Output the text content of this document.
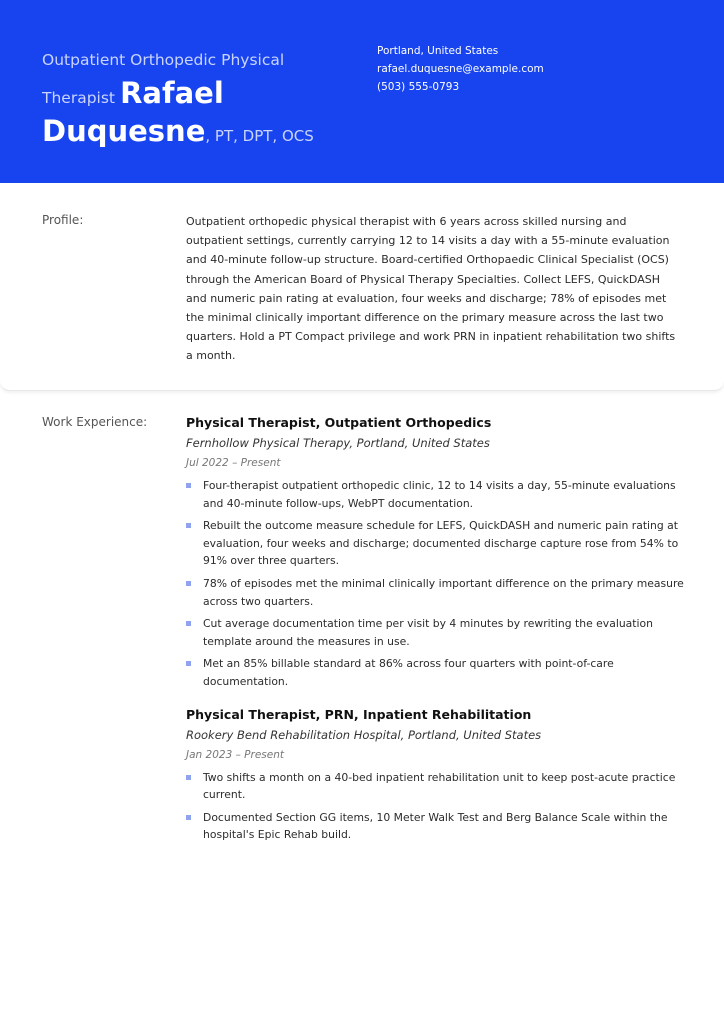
Outpatient Orthopedic Physical Therapist Rafael Duquesne, PT, DPT, OCS
Portland, United States
rafael.duquesne@example.com
(503) 555-0793
Profile:	Outpatient orthopedic physical therapist with 6 years across skilled nursing and outpatient settings, currently carrying 12 to 14 visits a day with a 55-minute evaluation and 40-minute follow-up structure. Board-certified Orthopaedic Clinical Specialist (OCS) through the American Board of Physical Therapy Specialties. Collect LEFS, QuickDASH and numeric pain rating at evaluation, four weeks and discharge; 78% of episodes met the minimal clinically important difference on the primary measure across the last two quarters. Hold a PT Compact privilege and work PRN in inpatient rehabilitation two shifts a month.
Work Experience:	Physical Therapist, Outpatient Orthopedics
Fernhollow Physical Therapy, Portland, United States
Jul 2022 – Present
Four-therapist outpatient orthopedic clinic, 12 to 14 visits a day, 55-minute evaluations and 40-minute follow-ups, WebPT documentation.
Rebuilt the outcome measure schedule for LEFS, QuickDASH and numeric pain rating at evaluation, four weeks and discharge; documented discharge capture rose from 54% to 91% over three quarters.
78% of episodes met the minimal clinically important difference on the primary measure across two quarters.
Cut average documentation time per visit by 4 minutes by rewriting the evaluation template around the measures in use.
Met an 85% billable standard at 86% across four quarters with point-of-care documentation.
Physical Therapist, PRN, Inpatient Rehabilitation
Rookery Bend Rehabilitation Hospital, Portland, United States
Jan 2023 – Present
Two shifts a month on a 40-bed inpatient rehabilitation unit to keep post-acute practice current.
Documented Section GG items, 10 Meter Walk Test and Berg Balance Scale within the hospital's Epic Rehab build.
